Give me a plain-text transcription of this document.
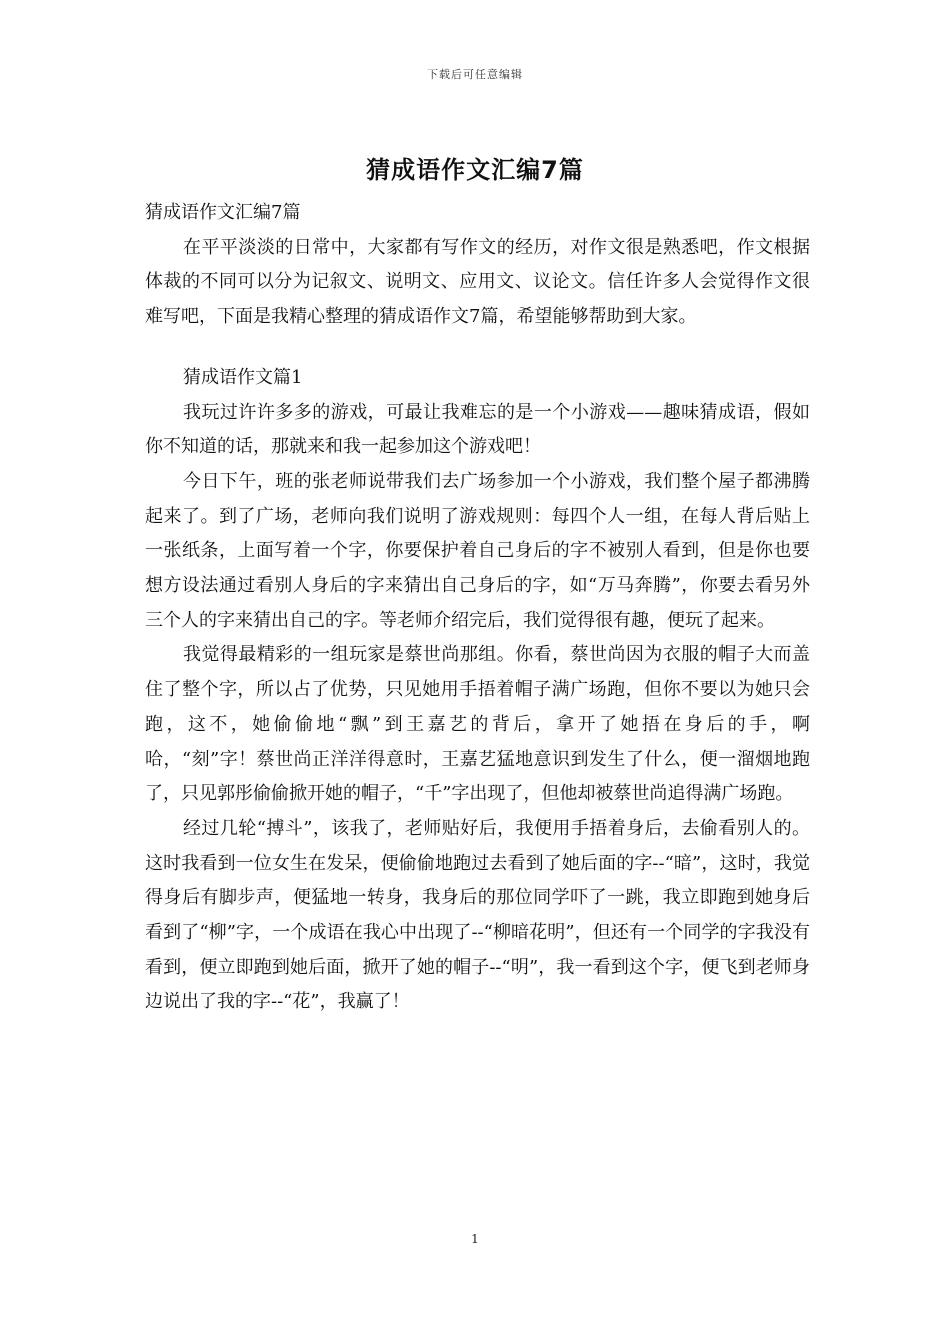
下载后可任意编辑
猜成语作文汇编7篇

猜成语作文汇编7篇

在平平淡淡的日常中，大家都有写作文的经历，对作文很是熟悉吧，作文根据体裁的不同可以分为记叙文、说明文、应用文、议论文。信任许多人会觉得作文很难写吧，下面是我精心整理的猜成语作文7篇，希望能够帮助到大家。

猜成语作文篇1

我玩过许许多多的游戏，可最让我难忘的是一个小游戏——趣味猜成语，假如你不知道的话，那就来和我一起参加这个游戏吧！

今日下午，班的张老师说带我们去广场参加一个小游戏，我们整个屋子都沸腾起来了。到了广场，老师向我们说明了游戏规则：每四个人一组，在每人背后贴上一张纸条，上面写着一个字，你要保护着自己身后的字不被别人看到，但是你也要想方设法通过看别人身后的字来猜出自己身后的字，如“万马奔腾”，你要去看另外三个人的字来猜出自己的字。等老师介绍完后，我们觉得很有趣，便玩了起来。

我觉得最精彩的一组玩家是蔡世尚那组。你看，蔡世尚因为衣服的帽子大而盖住了整个字，所以占了优势，只见她用手捂着帽子满广场跑，但你不要以为她只会跑，这不，她偷偷地“飘”到王嘉艺的背后，拿开了她捂在身后的手，啊哈，“刻”字！蔡世尚正洋洋得意时，王嘉艺猛地意识到发生了什么，便一溜烟地跑了，只见郭彤偷偷掀开她的帽子，“千”字出现了，但他却被蔡世尚追得满广场跑。

经过几轮“搏斗”，该我了，老师贴好后，我便用手捂着身后，去偷看别人的。这时我看到一位女生在发呆，便偷偷地跑过去看到了她后面的字--“暗”，这时，我觉得身后有脚步声，便猛地一转身，我身后的那位同学吓了一跳，我立即跑到她身后看到了“柳”字，一个成语在我心中出现了--“柳暗花明”，但还有一个同学的字我没有看到，便立即跑到她后面，掀开了她的帽子--“明”，我一看到这个字，便飞到老师身边说出了我的字--“花”，我赢了！

1
